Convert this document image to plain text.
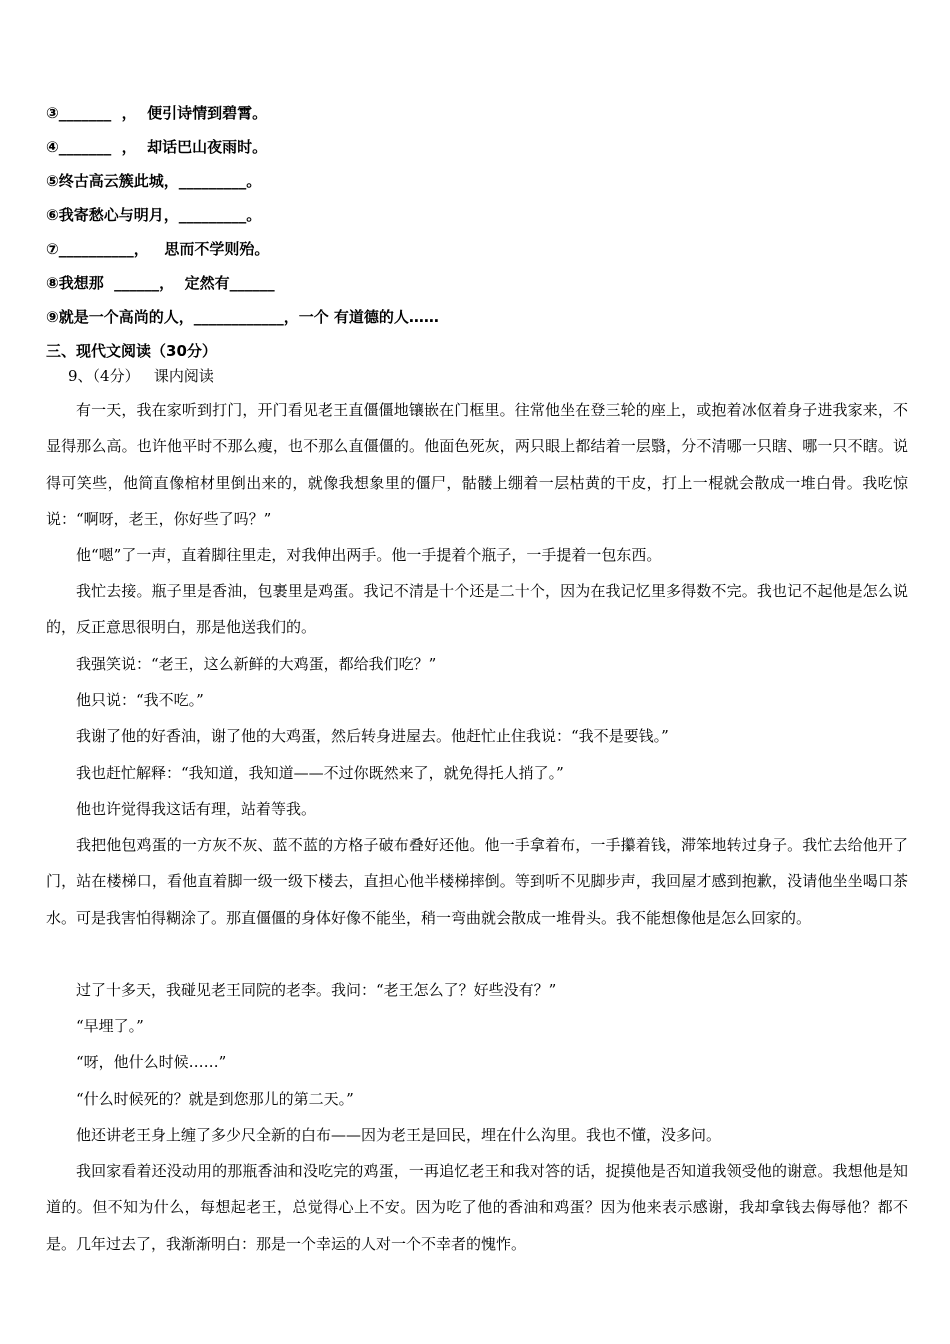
③_______  ，  便引诗情到碧霄。
④_______  ，  却话巴山夜雨时。
⑤终古高云簇此城，_________。
⑥我寄愁心与明月，_________。
⑦__________，   思而不学则殆。
⑧我想那  ______，  定然有______
⑨就是一个高尚的人，____________，一个 有道德的人……
三、现代文阅读（30分）
9、（4分）   课内阅读

有一天，我在家听到打门，开门看见老王直僵僵地镶嵌在门框里。往常他坐在登三轮的座上，或抱着冰伛着身子进我家来，不显得那么高。也许他平时不那么瘦，也不那么直僵僵的。他面色死灰，两只眼上都结着一层翳，分不清哪一只瞎、哪一只不瞎。说得可笑些，他简直像棺材里倒出来的，就像我想象里的僵尸，骷髅上绷着一层枯黄的干皮，打上一棍就会散成一堆白骨。我吃惊说：“啊呀，老王，你好些了吗？”

他“嗯”了一声，直着脚往里走，对我伸出两手。他一手提着个瓶子，一手提着一包东西。

我忙去接。瓶子里是香油，包裹里是鸡蛋。我记不清是十个还是二十个，因为在我记忆里多得数不完。我也记不起他是怎么说的，反正意思很明白，那是他送我们的。

我强笑说：“老王，这么新鲜的大鸡蛋，都给我们吃？”

他只说：“我不吃。”

我谢了他的好香油，谢了他的大鸡蛋，然后转身进屋去。他赶忙止住我说：“我不是要钱。”

我也赶忙解释：“我知道，我知道——不过你既然来了，就免得托人捎了。”

他也许觉得我这话有理，站着等我。

我把他包鸡蛋的一方灰不灰、蓝不蓝的方格子破布叠好还他。他一手拿着布，一手攥着钱，滞笨地转过身子。我忙去给他开了门，站在楼梯口，看他直着脚一级一级下楼去，直担心他半楼梯摔倒。等到听不见脚步声，我回屋才感到抱歉，没请他坐坐喝口茶水。可是我害怕得糊涂了。那直僵僵的身体好像不能坐，稍一弯曲就会散成一堆骨头。我不能想像他是怎么回家的。

过了十多天，我碰见老王同院的老李。我问：“老王怎么了？好些没有？”

“早埋了。”

“呀，他什么时候……”

“什么时候死的？就是到您那儿的第二天。”

他还讲老王身上缠了多少尺全新的白布——因为老王是回民，埋在什么沟里。我也不懂，没多问。

我回家看着还没动用的那瓶香油和没吃完的鸡蛋，一再追忆老王和我对答的话，捉摸他是否知道我领受他的谢意。我想他是知道的。但不知为什么，每想起老王，总觉得心上不安。因为吃了他的香油和鸡蛋？因为他来表示感谢，我却拿钱去侮辱他？都不是。几年过去了，我渐渐明白：那是一个幸运的人对一个不幸者的愧怍。
